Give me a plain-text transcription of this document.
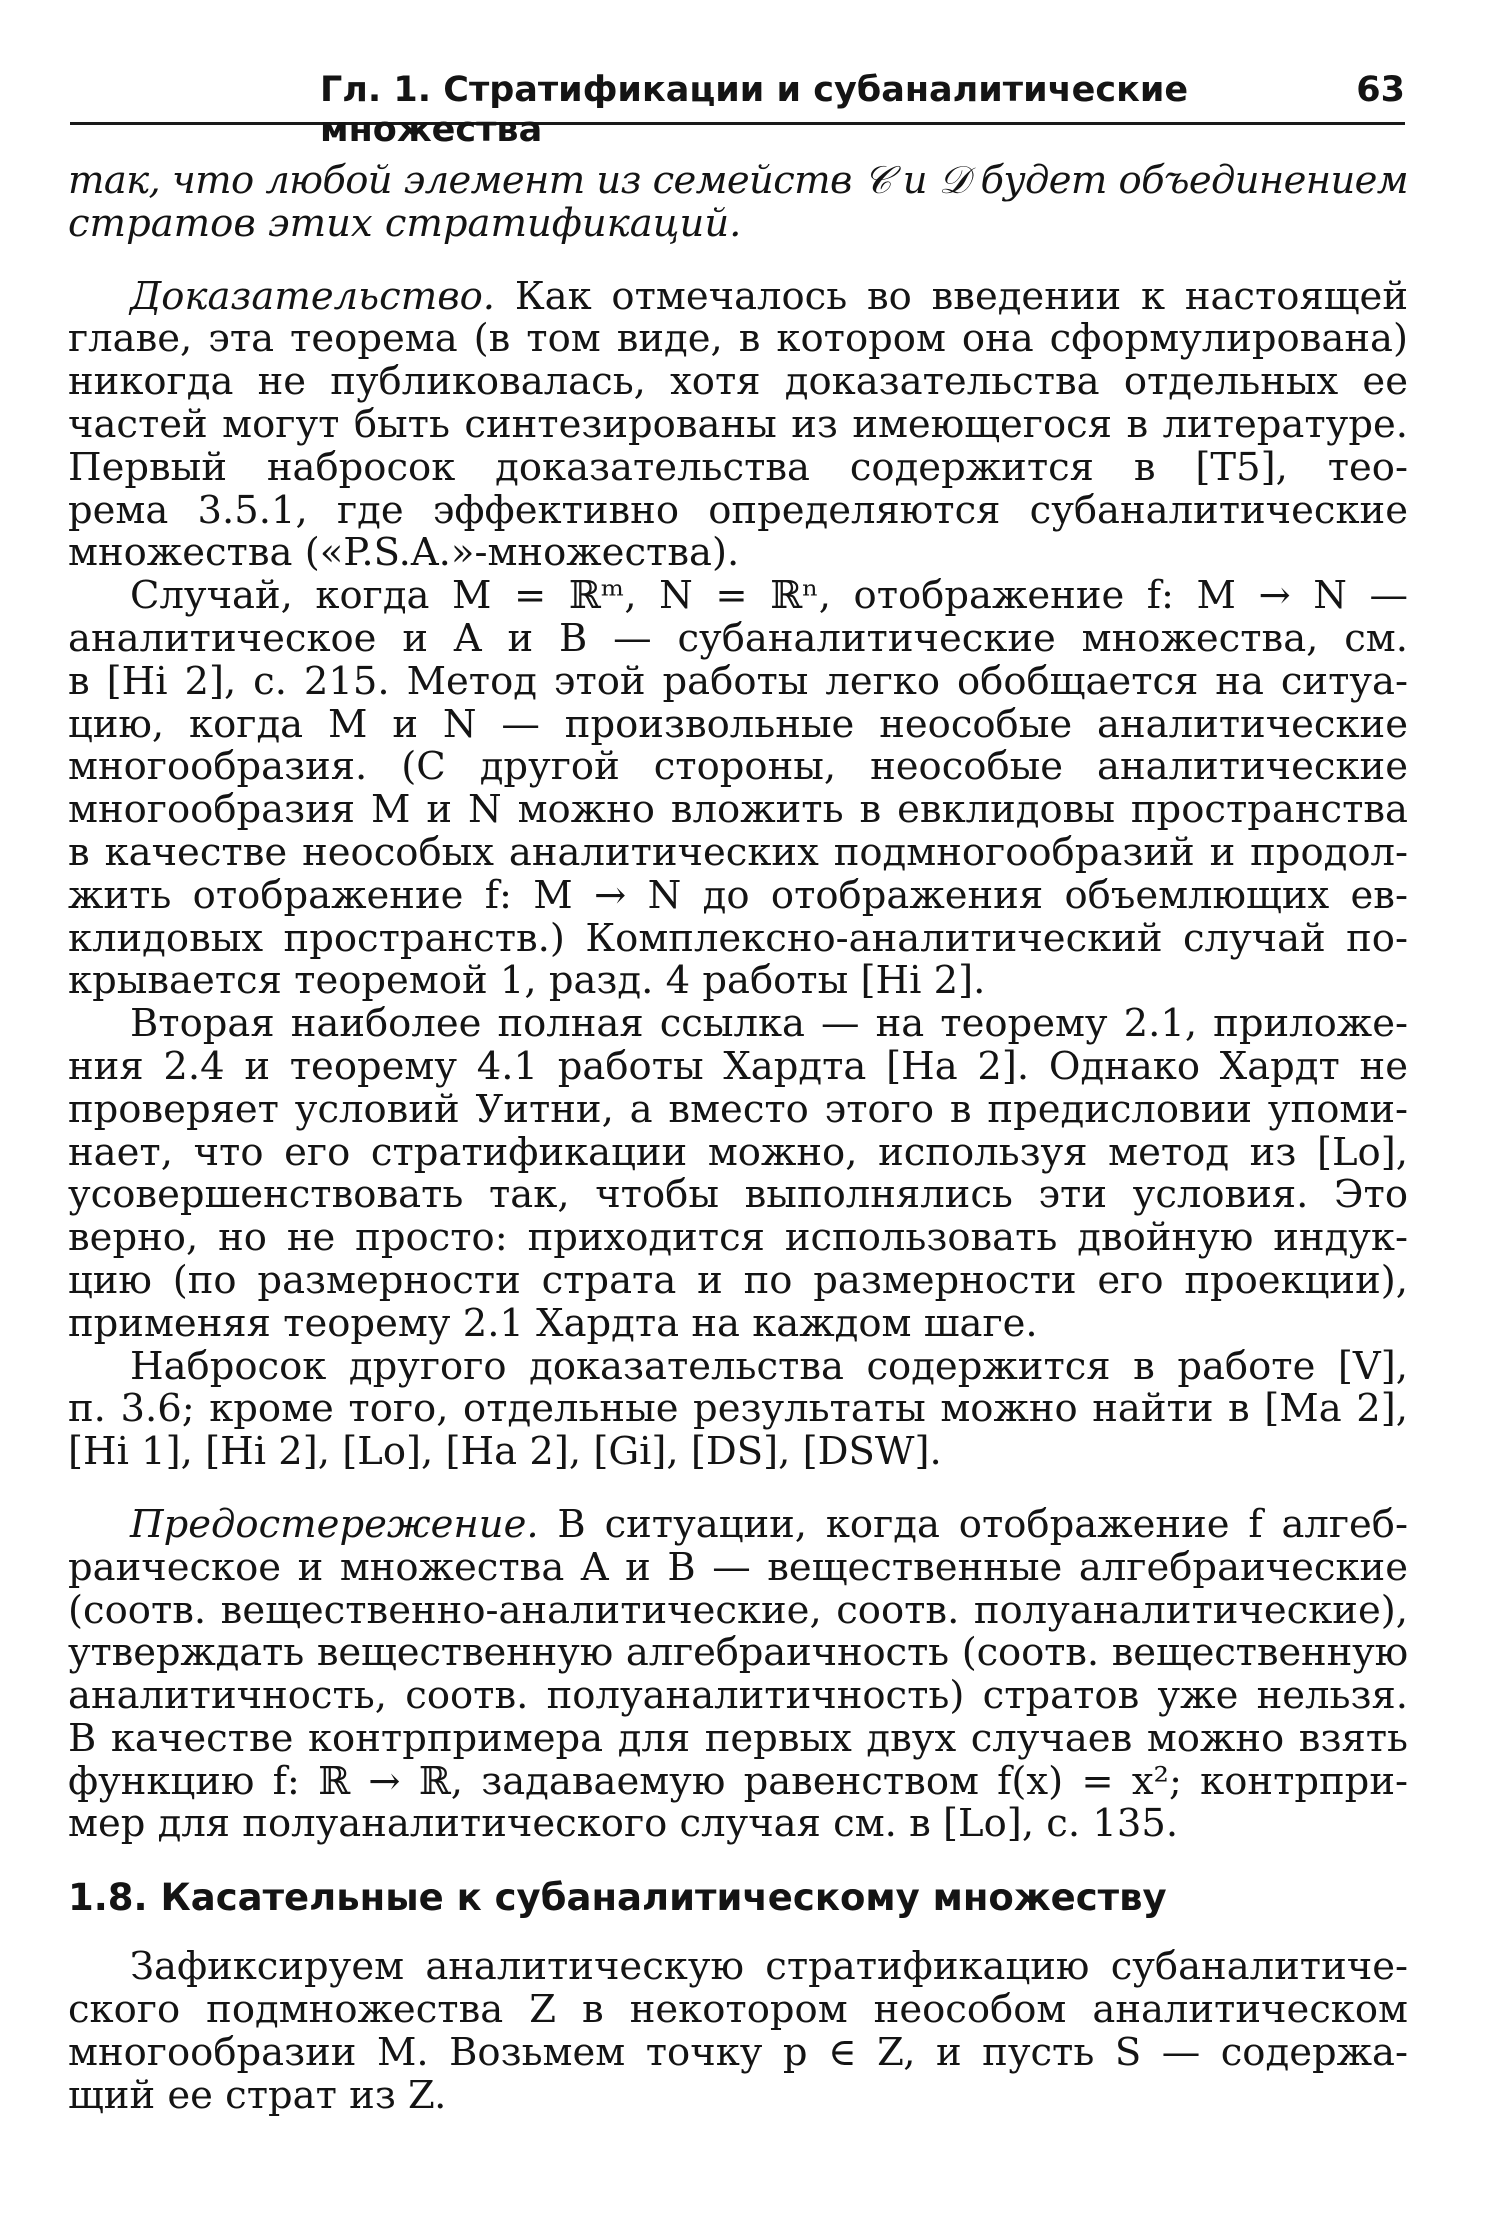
Гл. 1. Стратификации и субаналитические множества
63

так, что любой элемент из семейств 𝒞 и 𝒟 будет объединением
стратов этих стратификаций.

Доказательство. Как отмечалось во введении к настоящей
главе, эта теорема (в том виде, в котором она сформулирована)
никогда не публиковалась, хотя доказательства отдельных ее
частей могут быть синтезированы из имеющегося в литературе.
Первый набросок доказательства содержится в [Т5], тео-
рема 3.5.1, где эффективно определяются субаналитические
множества («P.S.A.»-множества).

Случай, когда M = ℝᵐ, N = ℝⁿ, отображение f: M → N —
аналитическое и A и B — субаналитические множества, см.
в [Hi 2], с. 215. Метод этой работы легко обобщается на ситуа-
цию, когда M и N — произвольные неособые аналитические
многообразия. (С другой стороны, неособые аналитические
многообразия M и N можно вложить в евклидовы пространства
в качестве неособых аналитических подмногообразий и продол-
жить отображение f: M → N до отображения объемлющих ев-
клидовых пространств.) Комплексно-аналитический случай по-
крывается теоремой 1, разд. 4 работы [Hi 2].

Вторая наиболее полная ссылка — на теорему 2.1, приложе-
ния 2.4 и теорему 4.1 работы Хардта [Ha 2]. Однако Хардт не
проверяет условий Уитни, а вместо этого в предисловии упоми-
нает, что его стратификации можно, используя метод из [Lo],
усовершенствовать так, чтобы выполнялись эти условия. Это
верно, но не просто: приходится использовать двойную индук-
цию (по размерности страта и по размерности его проекции),
применяя теорему 2.1 Хардта на каждом шаге.

Набросок другого доказательства содержится в работе [V],
п. 3.6; кроме того, отдельные результаты можно найти в [Ma 2],
[Hi 1], [Hi 2], [Lo], [Ha 2], [Gi], [DS], [DSW].

Предостережение. В ситуации, когда отображение f алгеб-
раическое и множества A и B — вещественные алгебраические
(соотв. вещественно-аналитические, соотв. полуаналитические),
утверждать вещественную алгебраичность (соотв. вещественную
аналитичность, соотв. полуаналитичность) стратов уже нельзя.
В качестве контрпримера для первых двух случаев можно взять
функцию f: ℝ → ℝ, задаваемую равенством f(x) = x²; контрпри-
мер для полуаналитического случая см. в [Lo], с. 135.

1.8. Касательные к субаналитическому множеству

Зафиксируем аналитическую стратификацию субаналитиче-
ского подмножества Z в некотором неособом аналитическом
многообразии M. Возьмем точку p ∈ Z, и пусть S — содержа-
щий ее страт из Z.
